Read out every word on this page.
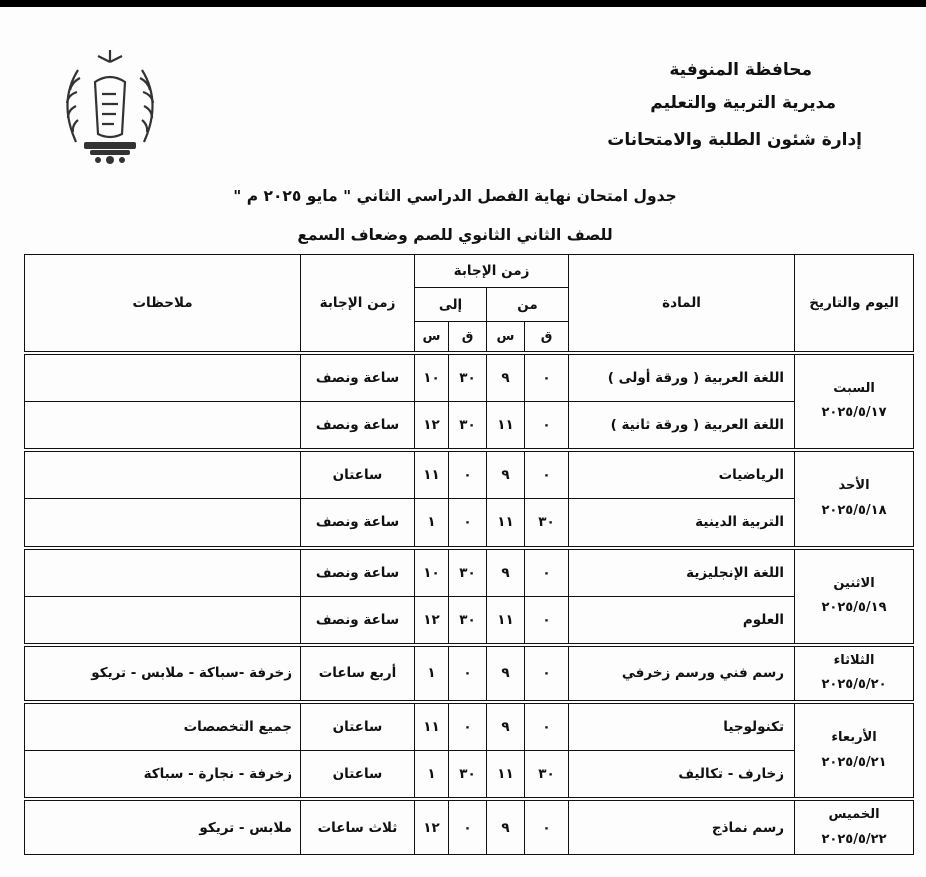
محافظة المنوفية
مديرية التربية والتعليم
إدارة شئون الطلبة والامتحانات
جدول امتحان نهاية الفصل الدراسي الثاني " مايو ٢٠٢٥ م "
للصف الثاني الثانوي للصم وضعاف السمع
اليوم والتاريخ	المادة	زمن الإجابة				زمن الإجابة	ملاحظات
		من		إلى			
		ق	س	ق	س		

السبت
٢٠٢٥/٥/١٧	اللغة العربية ( ورقة أولى )	٠	٩	٣٠	١٠	ساعة ونصف	
	اللغة العربية ( ورقة ثانية )	٠	١١	٣٠	١٢	ساعة ونصف	

الأحد
٢٠٢٥/٥/١٨	الرياضيات	٠	٩	٠	١١	ساعتان	
	التربية الدينية	٣٠	١١	٠	١	ساعة ونصف	

الاثنين
٢٠٢٥/٥/١٩	اللغة الإنجليزية	٠	٩	٣٠	١٠	ساعة ونصف	
	العلوم	٠	١١	٣٠	١٢	ساعة ونصف	

الثلاثاء
٢٠٢٥/٥/٢٠	رسم فني ورسم زخرفي	٠	٩	٠	١	أربع ساعات	زخرفة -سباكة - ملابس - تريكو

الأربعاء
٢٠٢٥/٥/٢١	تكنولوجيا	٠	٩	٠	١١	ساعتان	جميع التخصصات
	زخارف - تكاليف	٣٠	١١	٣٠	١	ساعتان	زخرفة - نجارة - سباكة

الخميس
٢٠٢٥/٥/٢٢	رسم نماذج	٠	٩	٠	١٢	ثلاث ساعات	ملابس - تريكو
